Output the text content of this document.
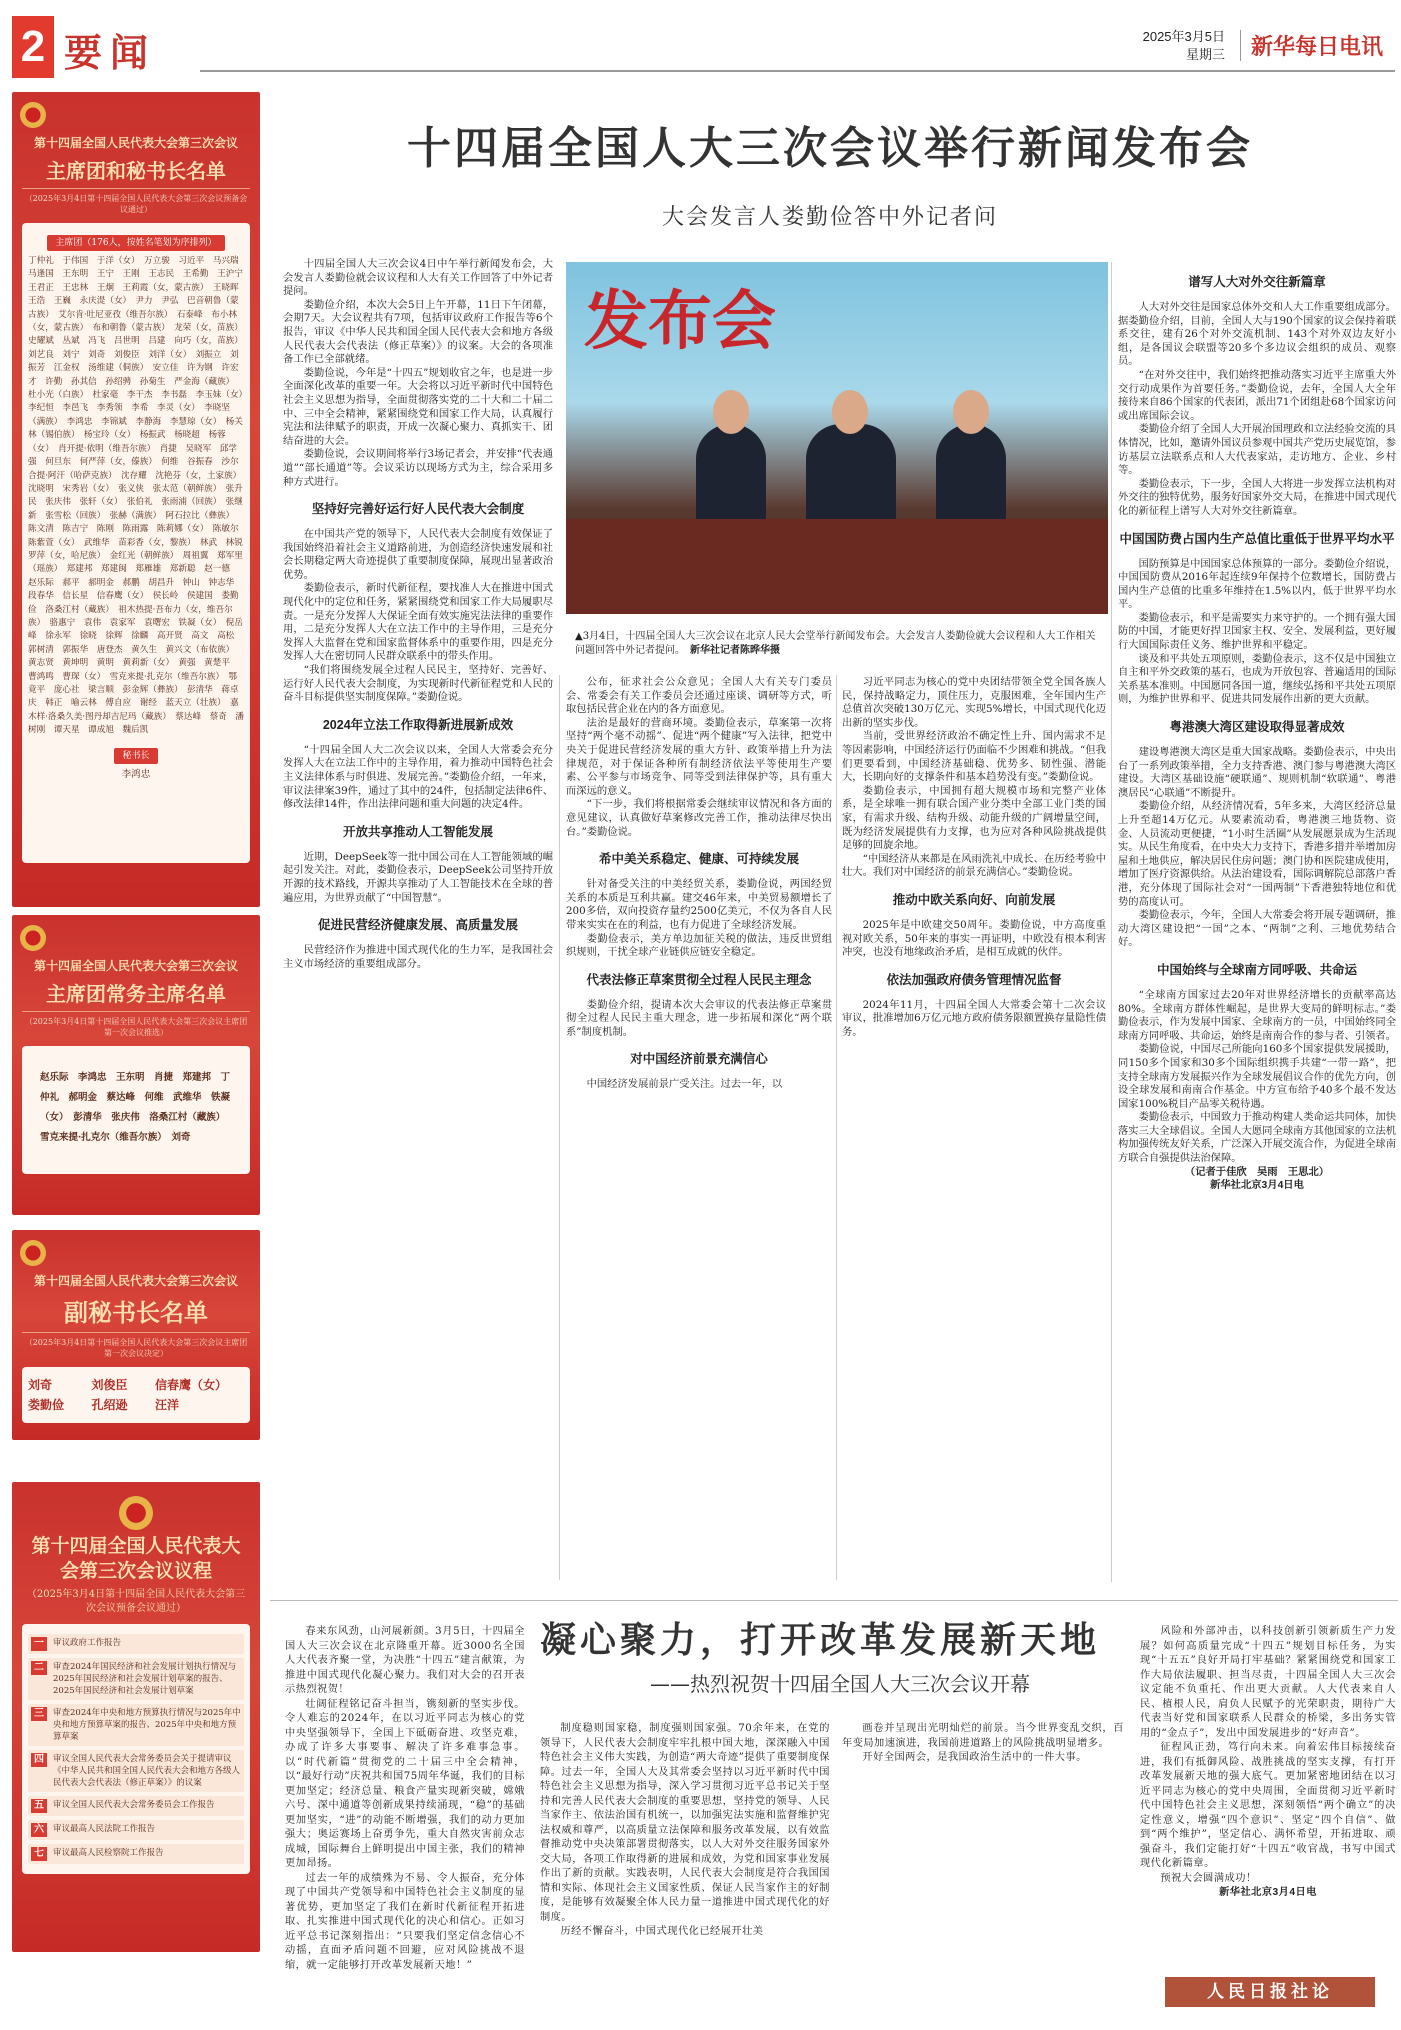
2 要闻	2025年3月5日
星期三	新华每日电讯
第十四届全国人民代表大会第三次会议
主席团和秘书长名单
（2025年3月4日第十四届全国人民代表大会第三次会议预备会议通过）
主席团（176人，按姓名笔划为序排列）
丁仲礼　于伟国　于洋（女）　万立骏　习近平　马兴瑞　马逢国　王东明　王宁　王刚　王志民　王希勤　王沪宁　王君正　王忠林　王炯　王莉霞（女，蒙古族）　王晓晖　王浩　王巍　永庆湜（女）　尹力　尹弘　巴音朝鲁（蒙古族）　艾尔肯·吐尼亚孜（维吾尔族）　石泰峰　布小林（女，蒙古族）　布和朝鲁（蒙古族）　龙荣（女，苗族）　史耀斌　丛斌　冯飞　吕世明　吕建　向巧（女，苗族）　刘艺良　刘宁　刘奇　刘俊臣　刘洋（女）　刘振立　刘振芳　江金权　汤维建（侗族）　安立佳　许为钢　许宏才　许勤　孙其信　孙绍骋　孙菊生　严金海（藏族）　杜小光（白族）　杜家毫　李干杰　李书磊　李玉妹（女）　李纪恒　李邑飞　李秀领　李希　李灵（女）　李晓坚（满族）　李鸿忠　李锦斌　李静海　李慧琼（女）　杨关林（锡伯族）　杨宝玲（女）　杨振武　杨晓超　杨蓉（女）　肖开提·依明（维吾尔族）　肖捷　吴晓军　邱学强　何旦东　何严萍（女，傣族）　何维　谷振春　沙尔合提·阿汗（哈萨克族）　沈存耀　沈艳芬（女，土家族）　沈晓明　宋秀岩（女）　张义侠　张太范（朝鲜族）　张升民　张庆伟　张轩（女）　张伯礼　张雨浦（回族）　张继新　张雪松（回族）　张赫（满族）　阿石拉比（彝族）　陈文清　陈吉宁　陈刚　陈雨露　陈莉娜（女）　陈敏尔　陈紫萱（女）　武维华　苗彩香（女，黎族）　林武　林锐　罗萍（女，哈尼族）　金红光（朝鲜族）　周祖翼　郑军里（瑶族）　郑建邦　郑建闽　郑雁雄　郑新聪　赵一德　赵乐际　郝平　郝明金　郝鹏　胡昌升　钟山　钟志华　段春华　信长星　信春鹰（女）　侯长岭　侯建国　娄勤俭　洛桑江村（藏族）　祖木热提·吾布力（女，维吾尔族）　骆惠宁　袁伟　袁家军　袁曙宏　铁凝（女）　倪岳峰　徐永军　徐晓　徐辉　徐麟　高开贤　高文　高松　郭树清　郭振华　唐登杰　黄久生　黄兴文（布依族）　黄志贤　黄坤明　黄明　黄莉新（女）　黄强　黄楚平　曹鸿鸣　曹琛（女）　雪克来提·扎克尔（维吾尔族）　鄂竟平　庞心社　梁言顺　彭金辉（彝族）　彭清华　蒋卓庆　韩正　喻云林　傅自应　谢经　蓝天立（壮族）　嘉木样·洛桑久美·图丹却吉尼玛（藏族）　蔡达峰　蔡奇　潘树刚　谭天星　谭成旭　魏后凯
秘书长
李鸿忠
第十四届全国人民代表大会第三次会议
主席团常务主席名单
（2025年3月4日第十四届全国人民代表大会第三次会议主席团第一次会议推选）
赵乐际　李鸿忠　王东明　肖捷　郑建邦　丁仲礼　郝明金　蔡达峰　何维　武维华　铁凝（女）　彭清华　张庆伟　洛桑江村（藏族）　雪克来提·扎克尔（维吾尔族）　刘奇
第十四届全国人民代表大会第三次会议
副秘书长名单
（2025年3月4日第十四届全国人民代表大会第三次会议主席团第一次会议决定）
刘奇	刘俊臣	信春鹰（女）
娄勤俭	孔绍逊	汪洋
第十四届全国人民代表大会第三次会议议程
（2025年3月4日第十四届全国人民代表大会第三次会议预备会议通过）
一	审议政府工作报告
二	审查2024年国民经济和社会发展计划执行情况与2025年国民经济和社会发展计划草案的报告、2025年国民经济和社会发展计划草案
三	审查2024年中央和地方预算执行情况与2025年中央和地方预算草案的报告、2025年中央和地方预算草案
四	审议全国人民代表大会常务委员会关于提请审议《中华人民共和国全国人民代表大会和地方各级人民代表大会代表法（修正草案）》的议案
五	审议全国人民代表大会常务委员会工作报告
六	审议最高人民法院工作报告
七	审议最高人民检察院工作报告
十四届全国人大三次会议举行新闻发布会
大会发言人娄勤俭答中外记者问
发布会
▲3月4日，十四届全国人大三次会议在北京人民大会堂举行新闻发布会。大会发言人娄勤俭就大会议程和人大工作相关问题回答中外记者提问。　 新华社记者陈晔华摄

十四届全国人大三次会议4日中午举行新闻发布会，大会发言人娄勤俭就会议议程和人大有关工作回答了中外记者提问。

娄勤俭介绍，本次大会5日上午开幕，11日下午闭幕，会期7天。大会议程共有7项，包括审议政府工作报告等6个报告，审议《中华人民共和国全国人民代表大会和地方各级人民代表大会代表法（修正草案）》的议案。大会的各项准备工作已全部就绪。

娄勤俭说，今年是“十四五”规划收官之年，也是进一步全面深化改革的重要一年。大会将以习近平新时代中国特色社会主义思想为指导，全面贯彻落实党的二十大和二十届二中、三中全会精神，紧紧围绕党和国家工作大局，认真履行宪法和法律赋予的职责，开成一次凝心聚力、真抓实干、团结奋进的大会。

娄勤俭说，会议期间将举行3场记者会，并安排“代表通道”“部长通道”等。会议采访以现场方式为主，综合采用多种方式进行。

坚持好完善好运行好人民代表大会制度

在中国共产党的领导下，人民代表大会制度有效保证了我国始终沿着社会主义道路前进，为创造经济快速发展和社会长期稳定两大奇迹提供了重要制度保障，展现出显著政治优势。

娄勤俭表示，新时代新征程，要找准人大在推进中国式现代化中的定位和任务，紧紧围绕党和国家工作大局履职尽责。一是充分发挥人大保证全面有效实施宪法法律的重要作用，二是充分发挥人大在立法工作中的主导作用，三是充分发挥人大监督在党和国家监督体系中的重要作用，四是充分发挥人大在密切同人民群众联系中的带头作用。

“我们将围绕发展全过程人民民主，坚持好、完善好、运行好人民代表大会制度，为实现新时代新征程党和人民的奋斗目标提供坚实制度保障。”娄勤俭说。

2024年立法工作取得新进展新成效

“十四届全国人大二次会议以来，全国人大常委会充分发挥人大在立法工作中的主导作用，着力推动中国特色社会主义法律体系与时俱进、发展完善。”娄勤俭介绍，一年来，审议法律案39件，通过了其中的24件，包括制定法律6件、修改法律14件，作出法律问题和重大问题的决定4件。

开放共享推动人工智能发展

近期，DeepSeek等一批中国公司在人工智能领域的崛起引发关注。对此，娄勤俭表示，DeepSeek公司坚持开放开源的技术路线，开源共享推动了人工智能技术在全球的普遍应用，为世界贡献了“中国智慧”。

促进民营经济健康发展、高质量发展

民营经济作为推进中国式现代化的生力军，是我国社会主义市场经济的重要组成部分。

公布，征求社会公众意见；全国人大有关专门委员会、常委会有关工作委员会还通过座谈、调研等方式，听取包括民营企业在内的各方面意见。

法治是最好的营商环境。娄勤俭表示，草案第一次将坚持“两个毫不动摇”、促进“两个健康”写入法律，把党中央关于促进民营经济发展的重大方针、政策举措上升为法律规范，对于保证各种所有制经济依法平等使用生产要素、公平参与市场竞争、同等受到法律保护等，具有重大而深远的意义。

“下一步，我们将根据常委会继续审议情况和各方面的意见建议，认真做好草案修改完善工作，推动法律尽快出台。”娄勤俭说。

希中美关系稳定、健康、可持续发展

针对备受关注的中美经贸关系，娄勤俭说，两国经贸关系的本质是互利共赢。建交46年来，中美贸易额增长了200多倍，双向投资存量约2500亿美元，不仅为各自人民带来实实在在的利益，也有力促进了全球经济发展。

娄勤俭表示，美方单边加征关税的做法，违反世贸组织规则，干扰全球产业链供应链安全稳定。

代表法修正草案贯彻全过程人民民主理念

娄勤俭介绍，提请本次大会审议的代表法修正草案贯彻全过程人民民主重大理念，进一步拓展和深化“两个联系”制度机制。

对中国经济前景充满信心

中国经济发展前景广受关注。过去一年，以

习近平同志为核心的党中央团结带领全党全国各族人民，保持战略定力，顶住压力，克服困难，全年国内生产总值首次突破130万亿元、实现5%增长，中国式现代化迈出新的坚实步伐。

当前，受世界经济政治不确定性上升、国内需求不足等因素影响，中国经济运行仍面临不少困难和挑战。“但我们更要看到，中国经济基础稳、优势多、韧性强、潜能大，长期向好的支撑条件和基本趋势没有变。”娄勤俭说。

娄勤俭表示，中国拥有超大规模市场和完整产业体系，是全球唯一拥有联合国产业分类中全部工业门类的国家，有需求升级、结构升级、动能升级的广阔增量空间，既为经济发展提供有力支撑，也为应对各种风险挑战提供足够的回旋余地。

“中国经济从来都是在风雨洗礼中成长、在历经考验中壮大。我们对中国经济的前景充满信心。”娄勤俭说。

推动中欧关系向好、向前发展

2025年是中欧建交50周年。娄勤俭说，中方高度重视对欧关系，50年来的事实一再证明，中欧没有根本利害冲突，也没有地缘政治矛盾，是相互成就的伙伴。

依法加强政府债务管理情况监督

2024年11月，十四届全国人大常委会第十二次会议审议，批准增加6万亿元地方政府债务限额置换存量隐性债务。

谱写人大对外交往新篇章

人大对外交往是国家总体外交和人大工作重要组成部分。据娄勤俭介绍，目前，全国人大与190个国家的议会保持着联系交往，建有26个对外交流机制、143个对外双边友好小组，是各国议会联盟等20多个多边议会组织的成员、观察员。

“在对外交往中，我们始终把推动落实习近平主席重大外交行动成果作为首要任务。”娄勤俭说，去年，全国人大全年接待来自86个国家的代表团，派出71个团组赴68个国家访问或出席国际会议。

娄勤俭介绍了全国人大开展治国理政和立法经验交流的具体情况，比如，邀请外国议员参观中国共产党历史展览馆，参访基层立法联系点和人大代表家站，走访地方、企业、乡村等。

娄勤俭表示，下一步，全国人大将进一步发挥立法机构对外交往的独特优势，服务好国家外交大局，在推进中国式现代化的新征程上谱写人大对外交往新篇章。

中国国防费占国内生产总值比重低于世界平均水平

国防预算是中国国家总体预算的一部分。娄勤俭介绍说，中国国防费从2016年起连续9年保持个位数增长，国防费占国内生产总值的比重多年维持在1.5%以内，低于世界平均水平。

娄勤俭表示，和平是需要实力来守护的。一个拥有强大国防的中国，才能更好捍卫国家主权、安全、发展利益，更好履行大国国际责任义务、维护世界和平稳定。

谈及和平共处五项原则，娄勤俭表示，这不仅是中国独立自主和平外交政策的基石，也成为开放包容、普遍适用的国际关系基本准则。中国愿同各国一道，继续弘扬和平共处五项原则，为维护世界和平、促进共同发展作出新的更大贡献。

粤港澳大湾区建设取得显著成效

建设粤港澳大湾区是重大国家战略。娄勤俭表示，中央出台了一系列政策举措，全力支持香港、澳门参与粤港澳大湾区建设。大湾区基础设施“硬联通”、规则机制“软联通”、粤港澳居民“心联通”不断提升。

娄勤俭介绍，从经济情况看，5年多来，大湾区经济总量上升至超14万亿元。从要素流动看，粤港澳三地货物、资金、人员流动更便捷，“1小时生活圈”从发展愿景成为生活现实。从民生角度看，在中央大力支持下，香港多措并举增加房屋和土地供应，解决居民住房问题；澳门协和医院建成使用，增加了医疗资源供给。从法治建设看，国际调解院总部落户香港，充分体现了国际社会对“一国两制”下香港独特地位和优势的高度认可。

娄勤俭表示，今年，全国人大常委会将开展专题调研，推动大湾区建设把“一国”之本、“两制”之利、三地优势结合好。

中国始终与全球南方同呼吸、共命运

“全球南方国家过去20年对世界经济增长的贡献率高达80%。全球南方群体性崛起，是世界大变局的鲜明标志。”娄勤俭表示，作为发展中国家、全球南方的一员，中国始终同全球南方同呼吸、共命运，始终是南南合作的参与者、引领者。

娄勤俭说，中国尽己所能向160多个国家提供发展援助，同150多个国家和30多个国际组织携手共建“一带一路”，把支持全球南方发展振兴作为全球发展倡议合作的优先方向，创设全球发展和南南合作基金。中方宣布给予40多个最不发达国家100%税目产品零关税待遇。

娄勤俭表示，中国致力于推动构建人类命运共同体，加快落实三大全球倡议。全国人大愿同全球南方其他国家的立法机构加强传统友好关系，广泛深入开展交流合作，为促进全球南方联合自强提供法治保障。

（记者于佳欣　吴雨　王思北）

新华社北京3月4日电

凝心聚力，打开改革发展新天地
——热烈祝贺十四届全国人大三次会议开幕

春来东风劲，山河展新颜。3月5日，十四届全国人大三次会议在北京隆重开幕。近3000名全国人大代表齐聚一堂，为决胜“十四五”建言献策，为推进中国式现代化凝心聚力。我们对大会的召开表示热烈祝贺！

壮阔征程铭记奋斗担当，镌刻新的坚实步伐。令人难忘的2024年，在以习近平同志为核心的党中央坚强领导下，全国上下砥砺奋进、攻坚克难，办成了许多大事要事、解决了许多难事急事。以“时代新篇”贯彻党的二十届三中全会精神，以“最好行动”庆祝共和国75周年华诞，我们的目标更加坚定；经济总量、粮食产量实现新突破，嫦娥六号、深中通道等创新成果持续涌现，“稳”的基础更加坚实，“进”的动能不断增强，我们的动力更加强大；奥运赛场上奋勇争先，重大自然灾害前众志成城，国际舞台上鲜明提出中国主张，我们的精神更加昂扬。

过去一年的成绩殊为不易、令人振奋，充分体现了中国共产党领导和中国特色社会主义制度的显著优势，更加坚定了我们在新时代新征程开拓进取、扎实推进中国式现代化的决心和信心。正如习近平总书记深刻指出：“只要我们坚定信念信心不动摇，直面矛盾问题不回避，应对风险挑战不退缩，就一定能够打开改革发展新天地！”

制度稳则国家稳，制度强则国家强。70余年来，在党的领导下，人民代表大会制度牢牢扎根中国大地，深深融入中国特色社会主义伟大实践，为创造“两大奇迹”提供了重要制度保障。过去一年，全国人大及其常委会坚持以习近平新时代中国特色社会主义思想为指导，深入学习贯彻习近平总书记关于坚持和完善人民代表大会制度的重要思想，坚持党的领导、人民当家作主、依法治国有机统一，以加强宪法实施和监督维护宪法权威和尊严，以高质量立法保障和服务改革发展，以有效监督推动党中央决策部署贯彻落实，以人大对外交往服务国家外交大局，各项工作取得新的进展和成效，为党和国家事业发展作出了新的贡献。实践表明，人民代表大会制度是符合我国国情和实际、体现社会主义国家性质、保证人民当家作主的好制度，是能够有效凝聚全体人民力量一道推进中国式现代化的好制度。

历经不懈奋斗，中国式现代化已经展开壮美

画卷并呈现出光明灿烂的前景。当今世界变乱交织，百年变局加速演进，我国前进道路上的风险挑战明显增多。

开好全国两会，是我国政治生活中的一件大事。

风险和外部冲击，以科技创新引领新质生产力发展？如何高质量完成“十四五”规划目标任务，为实现“十五五”良好开局打牢基础？紧紧围绕党和国家工作大局依法履职、担当尽责，十四届全国人大三次会议定能不负重托、作出更大贡献。人大代表来自人民、植根人民，肩负人民赋予的光荣职责，期待广大代表当好党和国家联系人民群众的桥梁，多出务实管用的“金点子”，发出中国发展进步的“好声音”。

征程风正劲，笃行向未来。向着宏伟目标接续奋进，我们有抵御风险、战胜挑战的坚实支撑，有打开改革发展新天地的强大底气。更加紧密地团结在以习近平同志为核心的党中央周围，全面贯彻习近平新时代中国特色社会主义思想，深刻领悟“两个确立”的决定性意义，增强“四个意识”、坚定“四个自信”、做到“两个维护”，坚定信心、满怀希望，开拓进取、顽强奋斗，我们定能打好“十四五”收官战，书写中国式现代化新篇章。

预祝大会圆满成功！

新华社北京3月4日电

人民日报社论
